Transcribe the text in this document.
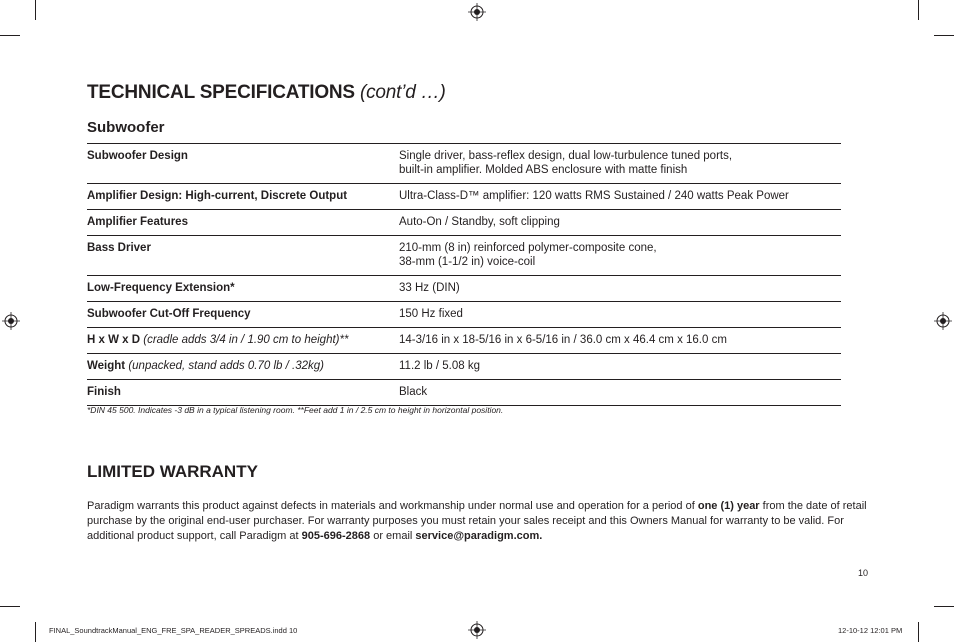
TECHNICAL SPECIFICATIONS (cont’d …)
Subwoofer
Subwoofer Design	Single driver, bass-reflex design, dual low-turbulence tuned ports,
built-in amplifier. Molded ABS enclosure with matte finish
Amplifier Design: High-current, Discrete Output	Ultra-Class-D™ amplifier: 120 watts RMS Sustained / 240 watts Peak Power
Amplifier Features	Auto-On / Standby, soft clipping
Bass Driver	210-mm (8 in) reinforced polymer-composite cone,
38-mm (1-1/2 in) voice-coil
Low-Frequency Extension*	33 Hz (DIN)
Subwoofer Cut-Off Frequency	150 Hz fixed
H x W x D (cradle adds 3/4 in / 1.90 cm to height)**	14-3/16 in x 18-5/16 in x 6-5/16 in / 36.0 cm x 46.4 cm x 16.0 cm
Weight (unpacked, stand adds 0.70 lb / .32kg)	11.2 lb / 5.08 kg
Finish	Black

*DIN 45 500. Indicates -3 dB in a typical listening room. **Feet add 1 in / 2.5 cm to height in horizontal position.

LIMITED WARRANTY

Paradigm warrants this product against defects in materials and workmanship under normal use and operation for a period of one (1) year from the date of retail purchase by the original end-user purchaser. For warranty purposes you must retain your sales receipt and this Owners Manual for warranty to be valid. For additional product support, call Paradigm at 905-696-2868 or email service@paradigm.com.

10
FINAL_SoundtrackManual_ENG_FRE_SPA_READER_SPREADS.indd 10	12-10-12 12:01 PM
